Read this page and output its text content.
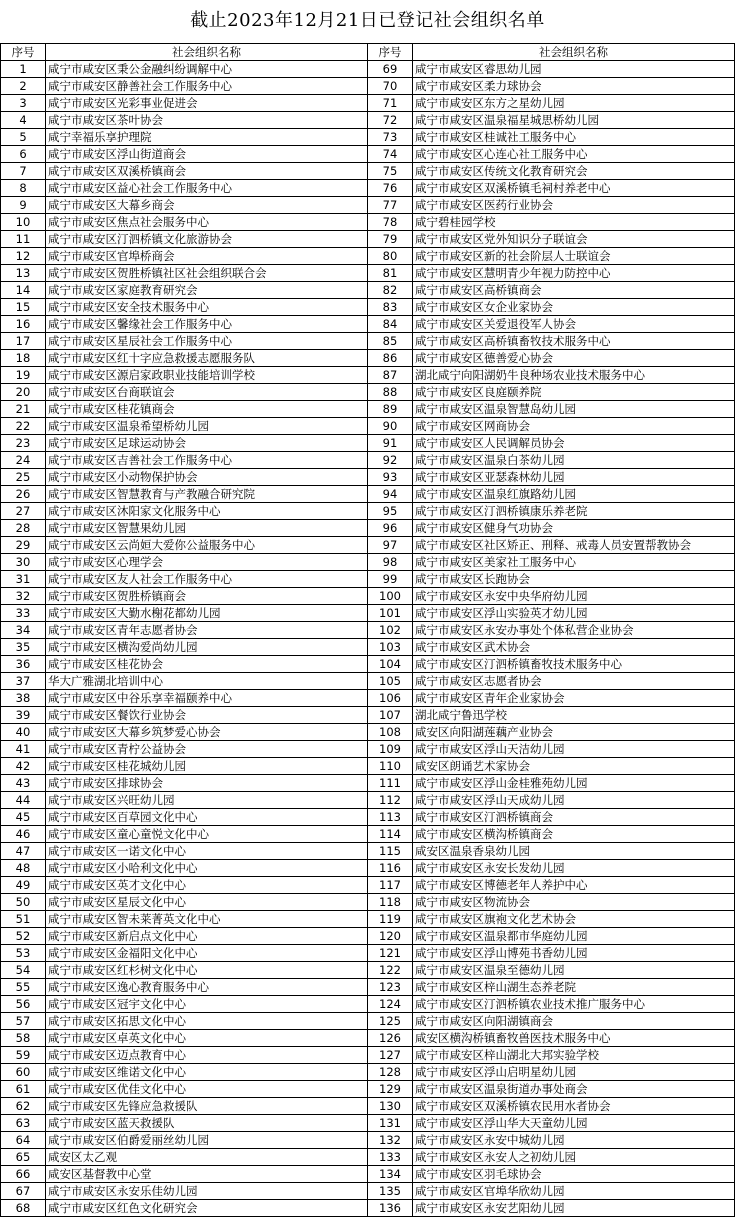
截止2023年12月21日已登记社会组织名单
序号	社会组织名称	序号	社会组织名称
1	咸宁市咸安区秉公金融纠纷调解中心	69	咸宁市咸安区睿思幼儿园
2	咸宁市咸安区静善社会工作服务中心	70	咸宁市咸安区柔力球协会
3	咸宁市咸安区光彩事业促进会	71	咸宁市咸安区东方之星幼儿园
4	咸宁市咸安区茶叶协会	72	咸宁市咸安区温泉福星城思桥幼儿园
5	咸宁幸福乐享护理院	73	咸宁市咸安区桂诚社工服务中心
6	咸宁市咸安区浮山街道商会	74	咸宁市咸安区心连心社工服务中心
7	咸宁市咸安区双溪桥镇商会	75	咸宁市咸安区传统文化教育研究会
8	咸宁市咸安区益心社会工作服务中心	76	咸宁市咸安区双溪桥镇毛祠村养老中心
9	咸宁市咸安区大幕乡商会	77	咸宁市咸安区医药行业协会
10	咸宁市咸安区焦点社会服务中心	78	咸宁碧桂园学校
11	咸宁市咸安区汀泗桥镇文化旅游协会	79	咸宁市咸安区党外知识分子联谊会
12	咸宁市咸安区官埠桥商会	80	咸宁市咸安区新的社会阶层人士联谊会
13	咸宁市咸安区贺胜桥镇社区社会组织联合会	81	咸宁市咸安区慧明青少年视力防控中心
14	咸宁市咸安区家庭教育研究会	82	咸宁市咸安区高桥镇商会
15	咸宁市咸安区安全技术服务中心	83	咸宁市咸安区女企业家协会
16	咸宁市咸安区馨缘社会工作服务中心	84	咸宁市咸安区关爱退役军人协会
17	咸宁市咸安区星辰社会工作服务中心	85	咸宁市咸安区高桥镇畜牧技术服务中心
18	咸宁市咸安区红十字应急救援志愿服务队	86	咸宁市咸安区德善爱心协会
19	咸宁市咸安区源启家政职业技能培训学校	87	湖北咸宁向阳湖奶牛良种场农业技术服务中心
20	咸宁市咸安区台商联谊会	88	咸宁市咸安区良庭颐养院
21	咸宁市咸安区桂花镇商会	89	咸宁市咸安区温泉智慧岛幼儿园
22	咸宁市咸安区温泉希望桥幼儿园	90	咸宁市咸安区网商协会
23	咸宁市咸安区足球运动协会	91	咸宁市咸安区人民调解员协会
24	咸宁市咸安区吉善社会工作服务中心	92	咸宁市咸安区温泉白茶幼儿园
25	咸宁市咸安区小动物保护协会	93	咸宁市咸安区亚瑟森林幼儿园
26	咸宁市咸安区智慧教育与产教融合研究院	94	咸宁市咸安区温泉红旗路幼儿园
27	咸宁市咸安区沐阳家文化服务中心	95	咸宁市咸安区汀泗桥镇康乐养老院
28	咸宁市咸安区智慧果幼儿园	96	咸宁市咸安区健身气功协会
29	咸宁市咸安区云尚姮大爱你公益服务中心	97	咸宁市咸安区社区矫正、刑释、戒毒人员安置帮教协会
30	咸宁市咸安区心理学会	98	咸宁市咸安区美家社工服务中心
31	咸宁市咸安区友人社会工作服务中心	99	咸宁市咸安区长跑协会
32	咸宁市咸安区贺胜桥镇商会	100	咸宁市咸安区永安中央华府幼儿园
33	咸宁市咸安区大勤水榭花都幼儿园	101	咸宁市咸安区浮山实验英才幼儿园
34	咸宁市咸安区青年志愿者协会	102	咸宁市咸安区永安办事处个体私营企业协会
35	咸宁市咸安区横沟爱尚幼儿园	103	咸宁市咸安区武术协会
36	咸宁市咸安区桂花协会	104	咸宁市咸安区汀泗桥镇畜牧技术服务中心
37	华大广雅湖北培训中心	105	咸宁市咸安区志愿者协会
38	咸宁市咸安区中谷乐享幸福颐养中心	106	咸宁市咸安区青年企业家协会
39	咸宁市咸安区餐饮行业协会	107	湖北咸宁鲁迅学校
40	咸宁市咸安区大幕乡筑梦爱心协会	108	咸安区向阳湖莲藕产业协会
41	咸宁市咸安区青柠公益协会	109	咸宁市咸安区浮山天洁幼儿园
42	咸宁市咸安区桂花城幼儿园	110	咸安区朗诵艺术家协会
43	咸宁市咸安区排球协会	111	咸宁市咸安区浮山金桂雅苑幼儿园
44	咸宁市咸安区兴旺幼儿园	112	咸宁市咸安区浮山天成幼儿园
45	咸宁市咸安区百草园文化中心	113	咸宁市咸安区汀泗桥镇商会
46	咸宁市咸安区童心童悦文化中心	114	咸宁市咸安区横沟桥镇商会
47	咸宁市咸安区一诺文化中心	115	咸安区温泉香泉幼儿园
48	咸宁市咸安区小哈利文化中心	116	咸宁市咸安区永安长发幼儿园
49	咸宁市咸安区英才文化中心	117	咸宁市咸安区博德老年人养护中心
50	咸宁市咸安区星辰文化中心	118	咸宁市咸安区物流协会
51	咸宁市咸安区智未莱菁英文化中心	119	咸宁市咸安区旗袍文化艺术协会
52	咸宁市咸安区新启点文化中心	120	咸宁市咸安区温泉都市华庭幼儿园
53	咸宁市咸安区金福阳文化中心	121	咸宁市咸安区浮山博苑书香幼儿园
54	咸宁市咸安区红杉树文化中心	122	咸宁市咸安区温泉至德幼儿园
55	咸宁市咸安区逸心教育服务中心	123	咸宁市咸安区梓山湖生态养老院
56	咸宁市咸安区冠宇文化中心	124	咸宁市咸安区汀泗桥镇农业技术推广服务中心
57	咸宁市咸安区拓思文化中心	125	咸宁市咸安区向阳湖镇商会
58	咸宁市咸安区卓英文化中心	126	咸安区横沟桥镇畜牧兽医技术服务中心
59	咸宁市咸安区迈点教育中心	127	咸宁市咸安区梓山湖北大邦实验学校
60	咸宁市咸安区维诺文化中心	128	咸宁市咸安区浮山启明星幼儿园
61	咸宁市咸安区优佳文化中心	129	咸宁市咸安区温泉街道办事处商会
62	咸宁市咸安区先锋应急救援队	130	咸宁市咸安区双溪桥镇农民用水者协会
63	咸宁市咸安区蓝天救援队	131	咸宁市咸安区浮山华大天童幼儿园
64	咸宁市咸安区伯爵爱丽丝幼儿园	132	咸宁市咸安区永安中城幼儿园
65	咸安区太乙观	133	咸宁市咸安区永安人之初幼儿园
66	咸安区基督教中心堂	134	咸宁市咸安区羽毛球协会
67	咸宁市咸安区永安乐佳幼儿园	135	咸宁市咸安区官埠华欣幼儿园
68	咸宁市咸安区红色文化研究会	136	咸宁市咸安区永安艺阳幼儿园
